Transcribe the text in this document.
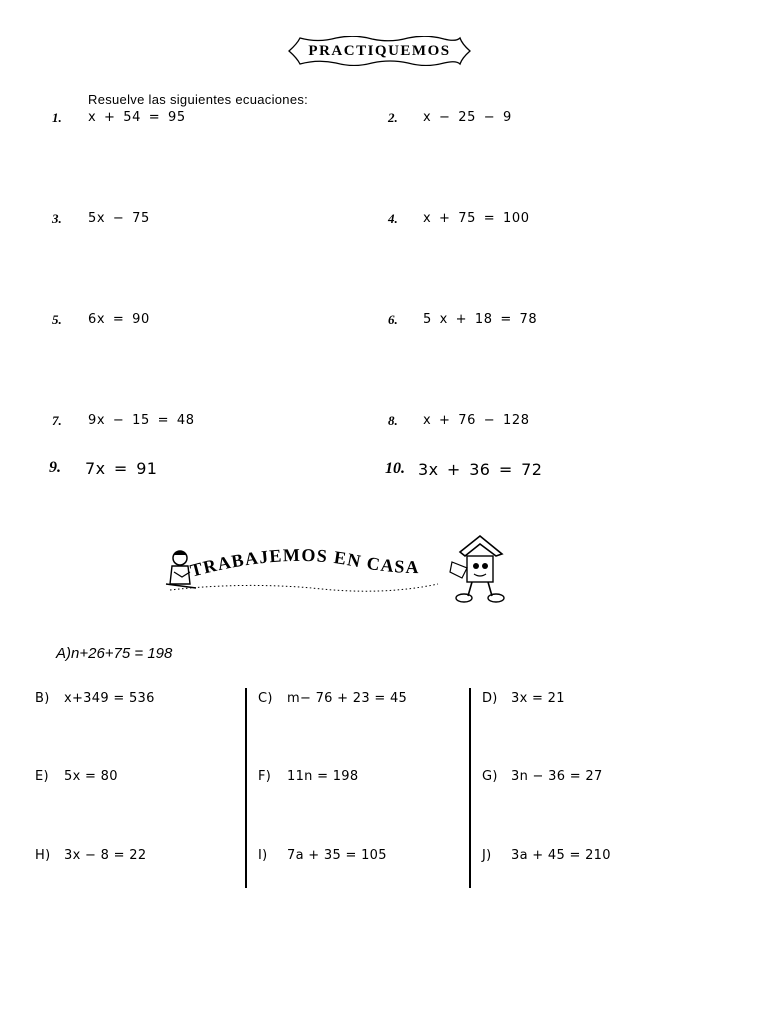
PRACTIQUEMOS
Resuelve las siguientes ecuaciones:
1. x + 54 = 95	2. x − 25 − 9
3. 5x − 75	4. x + 75 = 100
5. 6x = 90	6. 5 x + 18 = 78
7. 9x − 15 = 48	8. x + 76 − 128
9. 7x = 91	10. 3x + 36 = 72
TRABAJEMOS EN CASA
A)n+26+75 = 198
B) x+349 = 536	C) m− 76 + 23 = 45	D) 3x = 21
E) 5x = 80	F) 11n = 198	G) 3n − 36 = 27
H) 3x − 8 = 22	I) 7a + 35 = 105	J) 3a + 45 = 210
